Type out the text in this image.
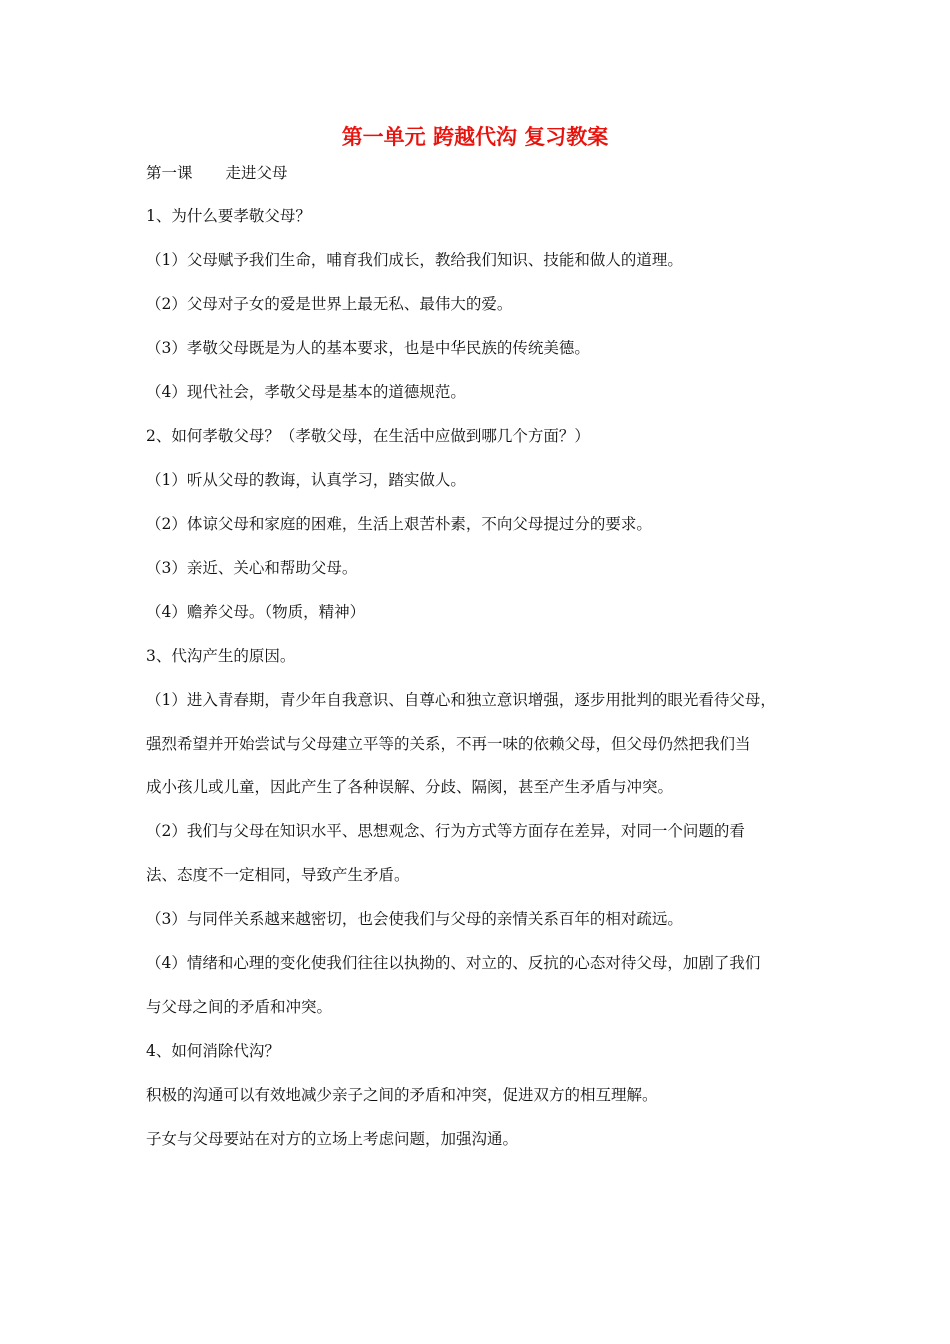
第一单元 跨越代沟 复习教案

第一课 走进父母

1、为什么要孝敬父母？

（1）父母赋予我们生命，哺育我们成长，教给我们知识、技能和做人的道理。

（2）父母对子女的爱是世界上最无私、最伟大的爱。

（3）孝敬父母既是为人的基本要求，也是中华民族的传统美德。

（4）现代社会，孝敬父母是基本的道德规范。

2、如何孝敬父母？（孝敬父母，在生活中应做到哪几个方面？）

（1）听从父母的教诲，认真学习，踏实做人。

（2）体谅父母和家庭的困难，生活上艰苦朴素，不向父母提过分的要求。

（3）亲近、关心和帮助父母。

（4）赡养父母。（物质，精神）

3、代沟产生的原因。

（1）进入青春期，青少年自我意识、自尊心和独立意识增强，逐步用批判的眼光看待父母，

强烈希望并开始尝试与父母建立平等的关系，不再一味的依赖父母，但父母仍然把我们当

成小孩儿或儿童，因此产生了各种误解、分歧、隔阂，甚至产生矛盾与冲突。

（2）我们与父母在知识水平、思想观念、行为方式等方面存在差异，对同一个问题的看

法、态度不一定相同，导致产生矛盾。

（3）与同伴关系越来越密切，也会使我们与父母的亲情关系百年的相对疏远。

（4）情绪和心理的变化使我们往往以执拗的、对立的、反抗的心态对待父母，加剧了我们

与父母之间的矛盾和冲突。

4、如何消除代沟？

积极的沟通可以有效地减少亲子之间的矛盾和冲突，促进双方的相互理解。

子女与父母要站在对方的立场上考虑问题，加强沟通。
